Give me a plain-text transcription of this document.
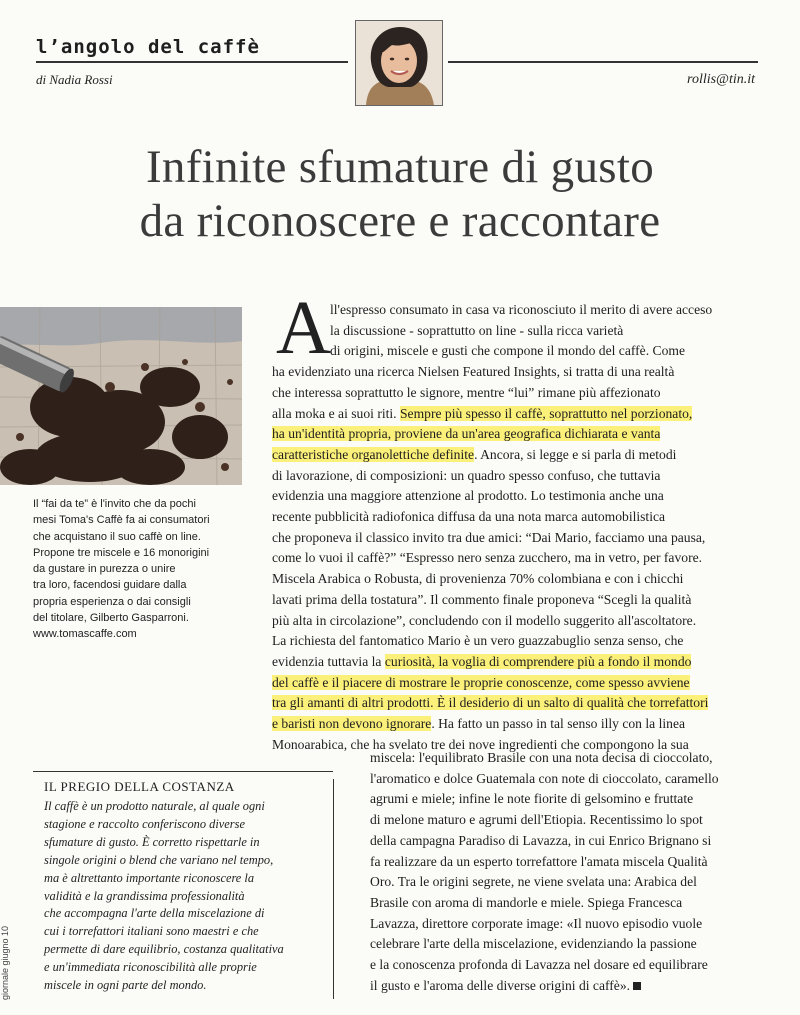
l’angolo del caffè
di Nadia Rossi	rollis@tin.it
Infinite sfumature di gusto
da riconoscere e raccontare

Il “fai da te” è l'invito che da pochi

mesi Toma's Caffè fa ai consumatori

che acquistano il suo caffè on line.

Propone tre miscele e 16 monorigini

da gustare in purezza o unire

tra loro, facendosi guidare dalla

propria esperienza o dai consigli

del titolare, Gilberto Gasparroni.

www.tomascaffe.com

IL PREGIO DELLA COSTANZA

Il caffè è un prodotto naturale, al quale ogni

stagione e raccolto conferiscono diverse

sfumature di gusto. È corretto rispettarle in

singole origini o blend che variano nel tempo,

ma è altrettanto importante riconoscere la

validità e la grandissima professionalità

che accompagna l'arte della miscelazione di

cui i torrefattori italiani sono maestri e che

permette di dare equilibrio, costanza qualitativa

e un'immediata riconoscibilità alle proprie

miscele in ogni parte del mondo.

giornale giugno 10
A ll'espresso consumato in casa va riconosciuto il merito di avere acceso
la discussione - soprattutto on line - sulla ricca varietà
di origini, miscele e gusti che compone il mondo del caffè. Come
ha evidenziato una ricerca Nielsen Featured Insights, si tratta di una realtà
che interessa soprattutto le signore, mentre “lui” rimane più affezionato
alla moka e ai suoi riti. Sempre più spesso il caffè, soprattutto nel porzionato,
ha un'identità propria, proviene da un'area geografica dichiarata e vanta
caratteristiche organolettiche definite. Ancora, si legge e si parla di metodi
di lavorazione, di composizioni: un quadro spesso confuso, che tuttavia
evidenzia una maggiore attenzione al prodotto. Lo testimonia anche una
recente pubblicità radiofonica diffusa da una nota marca automobilistica
che proponeva il classico invito tra due amici: “Dai Mario, facciamo una pausa,
come lo vuoi il caffè?” “Espresso nero senza zucchero, ma in vetro, per favore.
Miscela Arabica o Robusta, di provenienza 70% colombiana e con i chicchi
lavati prima della tostatura”. Il commento finale proponeva “Scegli la qualità
più alta in circolazione”, concludendo con il modello suggerito all'ascoltatore.
La richiesta del fantomatico Mario è un vero guazzabuglio senza senso, che
evidenzia tuttavia la curiosità, la voglia di comprendere più a fondo il mondo
del caffè e il piacere di mostrare le proprie conoscenze, come spesso avviene
tra gli amanti di altri prodotti. È il desiderio di un salto di qualità che torrefattori
e baristi non devono ignorare. Ha fatto un passo in tal senso illy con la linea
Monoarabica, che ha svelato tre dei nove ingredienti che compongono la sua
miscela: l'equilibrato Brasile con una nota decisa di cioccolato,
l'aromatico e dolce Guatemala con note di cioccolato, caramello
agrumi e miele; infine le note fiorite di gelsomino e fruttate
di melone maturo e agrumi dell'Etiopia. Recentissimo lo spot
della campagna Paradiso di Lavazza, in cui Enrico Brignano si
fa realizzare da un esperto torrefattore l'amata miscela Qualità
Oro. Tra le origini segrete, ne viene svelata una: Arabica del
Brasile con aroma di mandorle e miele. Spiega Francesca
Lavazza, direttore corporate image: «Il nuovo episodio vuole
celebrare l'arte della miscelazione, evidenziando la passione
e la conoscenza profonda di Lavazza nel dosare ed equilibrare
il gusto e l'aroma delle diverse origini di caffè».
